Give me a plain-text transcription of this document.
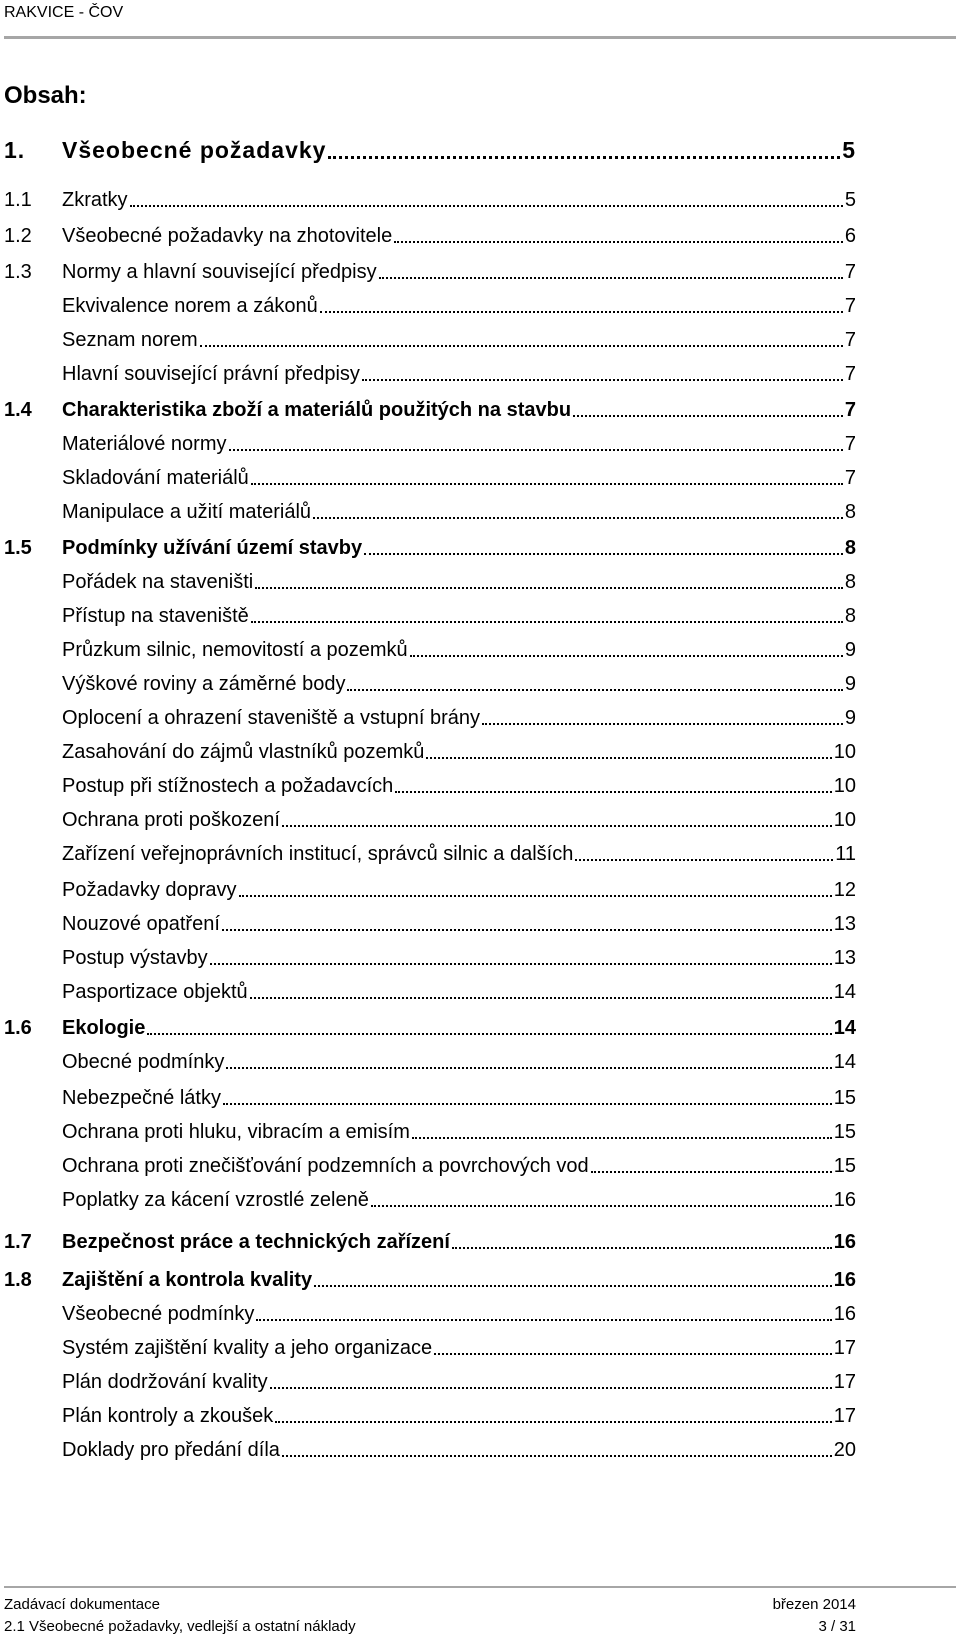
RAKVICE - ČOV
Obsah:
1.	Všeobecné požadavky	5
1.1	Zkratky	5
1.2	Všeobecné požadavky na zhotovitele	6
1.3	Normy a hlavní související předpisy	7
Ekvivalence norem a zákonů	7
Seznam norem	7
Hlavní související právní předpisy	7
1.4	Charakteristika zboží a materiálů použitých na stavbu	7
Materiálové normy	7
Skladování materiálů	7
Manipulace a užití materiálů	8
1.5	Podmínky užívání území stavby	8
Pořádek na staveništi	8
Přístup na staveniště	8
Průzkum silnic, nemovitostí a pozemků	9
Výškové roviny a záměrné body	9
Oplocení a ohrazení staveniště a vstupní brány	9
Zasahování do zájmů vlastníků pozemků	10
Postup při stížnostech a požadavcích	10
Ochrana proti poškození	10
Zařízení veřejnoprávních institucí, správců silnic a dalších	11
Požadavky dopravy	12
Nouzové opatření	13
Postup výstavby	13
Pasportizace objektů	14
1.6	Ekologie	14
Obecné podmínky	14
Nebezpečné látky	15
Ochrana proti hluku, vibracím a emisím	15
Ochrana proti znečišťování podzemních a povrchových vod	15
Poplatky za kácení vzrostlé zeleně	16
1.7	Bezpečnost práce a technických zařízení	16
1.8	Zajištění a kontrola kvality	16
Všeobecné podmínky	16
Systém zajištění kvality a jeho organizace	17
Plán dodržování kvality	17
Plán kontroly a zkoušek	17
Doklady pro předání díla	20
Zadávací dokumentace
2.1 Všeobecné požadavky, vedlejší a ostatní náklady
březen 2014
3 / 31
